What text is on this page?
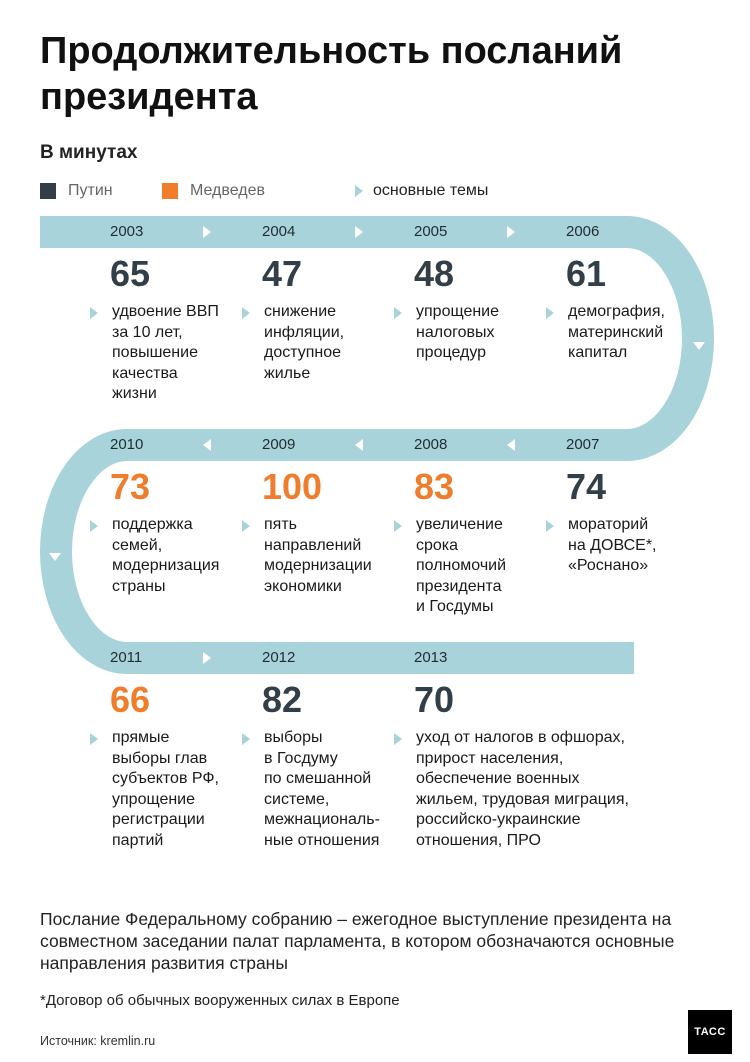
Продолжительность посланий президента
В минутах
Путин	Медведев	основные темы
2003
65
удвоение ВВП
за 10 лет,
повышение
качества
жизни
2004
47
снижение
инфляции,
доступное
жилье
2005
48
упрощение
налоговых
процедур
2006
61
демография,
материнский
капитал
2007
74
мораторий
на ДОВСЕ*,
«Роснано»
2008
83
увеличение
срока
полномочий
президента
и Госдумы
2009
100
пять
направлений
модернизации
экономики
2010
73
поддержка
семей,
модернизация
страны
2011
66
прямые
выборы глав
субъектов РФ,
упрощение
регистрации
партий
2012
82
выборы
в Госдуму
по смешанной
системе,
межнациональ-
ные отношения
2013
70
уход от налогов в офшорах,
прирост населения,
обеспечение военных
жильем, трудовая миграция,
российско-украинские
отношения, ПРО
Послание Федеральному собранию – ежегодное выступление президента на совместном заседании палат парламента, в котором обозначаются основные направления развития страны
*Договор об обычных вооруженных силах в Европе
Источник: kremlin.ru
ТАСС
